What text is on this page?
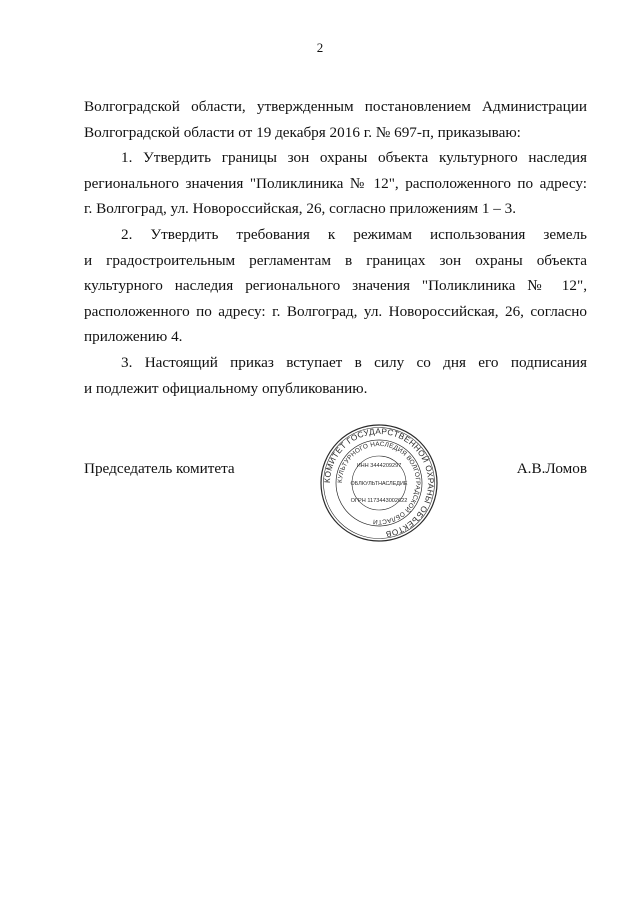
2
Волгоградской области, утвержденным постановлением Администрации
Волгоградской области от 19 декабря 2016 г. № 697-п, приказываю:
1. Утвердить границы зон охраны объекта культурного наследия
регионального значения "Поликлиника № 12", расположенного по адресу:
г. Волгоград, ул. Новороссийская, 26, согласно приложениям 1 – 3.
2. Утвердить требования к режимам использования земель
и градостроительным регламентам в границах зон охраны объекта
культурного наследия регионального значения "Поликлиника № 12",
расположенного по адресу: г. Волгоград, ул. Новороссийская, 26, согласно
приложению 4.
3. Настоящий приказ вступает в силу со дня его подписания
и подлежит официальному опубликованию.
Председатель комитета	А.В.Ломов
КОМИТЕТ ГОСУДАРСТВЕННОЙ ОХРАНЫ ОБЪЕКТОВ
КУЛЬТУРНОГО НАСЛЕДИЯ ВОЛГОГРАДСКОЙ ОБЛАСТИ
ИНН 3444209297
ОБЛКУЛЬТНАСЛЕДИЕ
ОГРН 1173443002622
